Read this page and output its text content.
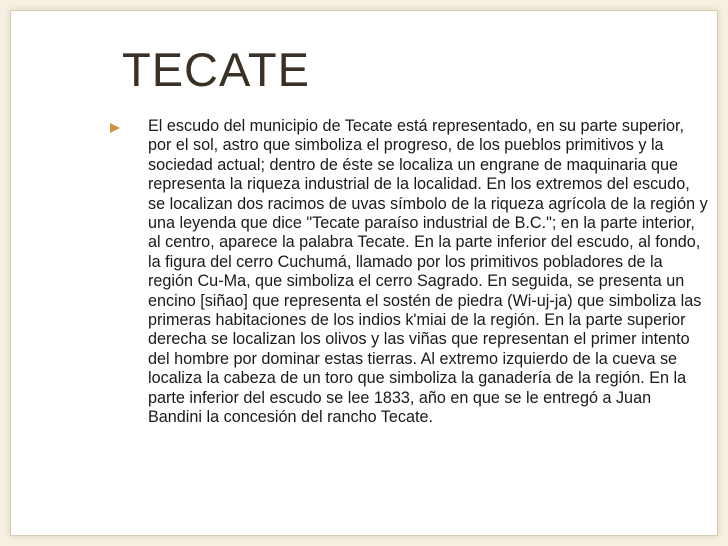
TECATE

El escudo del municipio de Tecate está representado, en su parte superior, por el sol, astro que simboliza el progreso, de los pueblos primitivos y la sociedad actual; dentro de éste se localiza un engrane de maquinaria que representa la riqueza industrial de la localidad. En los extremos del escudo, se localizan dos racimos de uvas símbolo de la riqueza agrícola de la región y una leyenda que dice "Tecate paraíso industrial de B.C."; en la parte interior, al centro, aparece la palabra Tecate. En la parte inferior del escudo, al fondo, la figura del cerro Cuchumá, llamado por los primitivos pobladores de la región Cu-Ma, que simboliza el cerro Sagrado. En seguida, se presenta un encino [siñao] que representa el sostén de piedra (Wi-uj-ja) que simboliza las primeras habitaciones de los indios k'miai de la región. En la parte superior derecha se localizan los olivos y las viñas que representan el primer intento del hombre por dominar estas tierras. Al extremo izquierdo de la cueva se localiza la cabeza de un toro que simboliza la ganadería de la región. En la parte inferior del escudo se lee 1833, año en que se le entregó a Juan Bandini la concesión del rancho Tecate.
